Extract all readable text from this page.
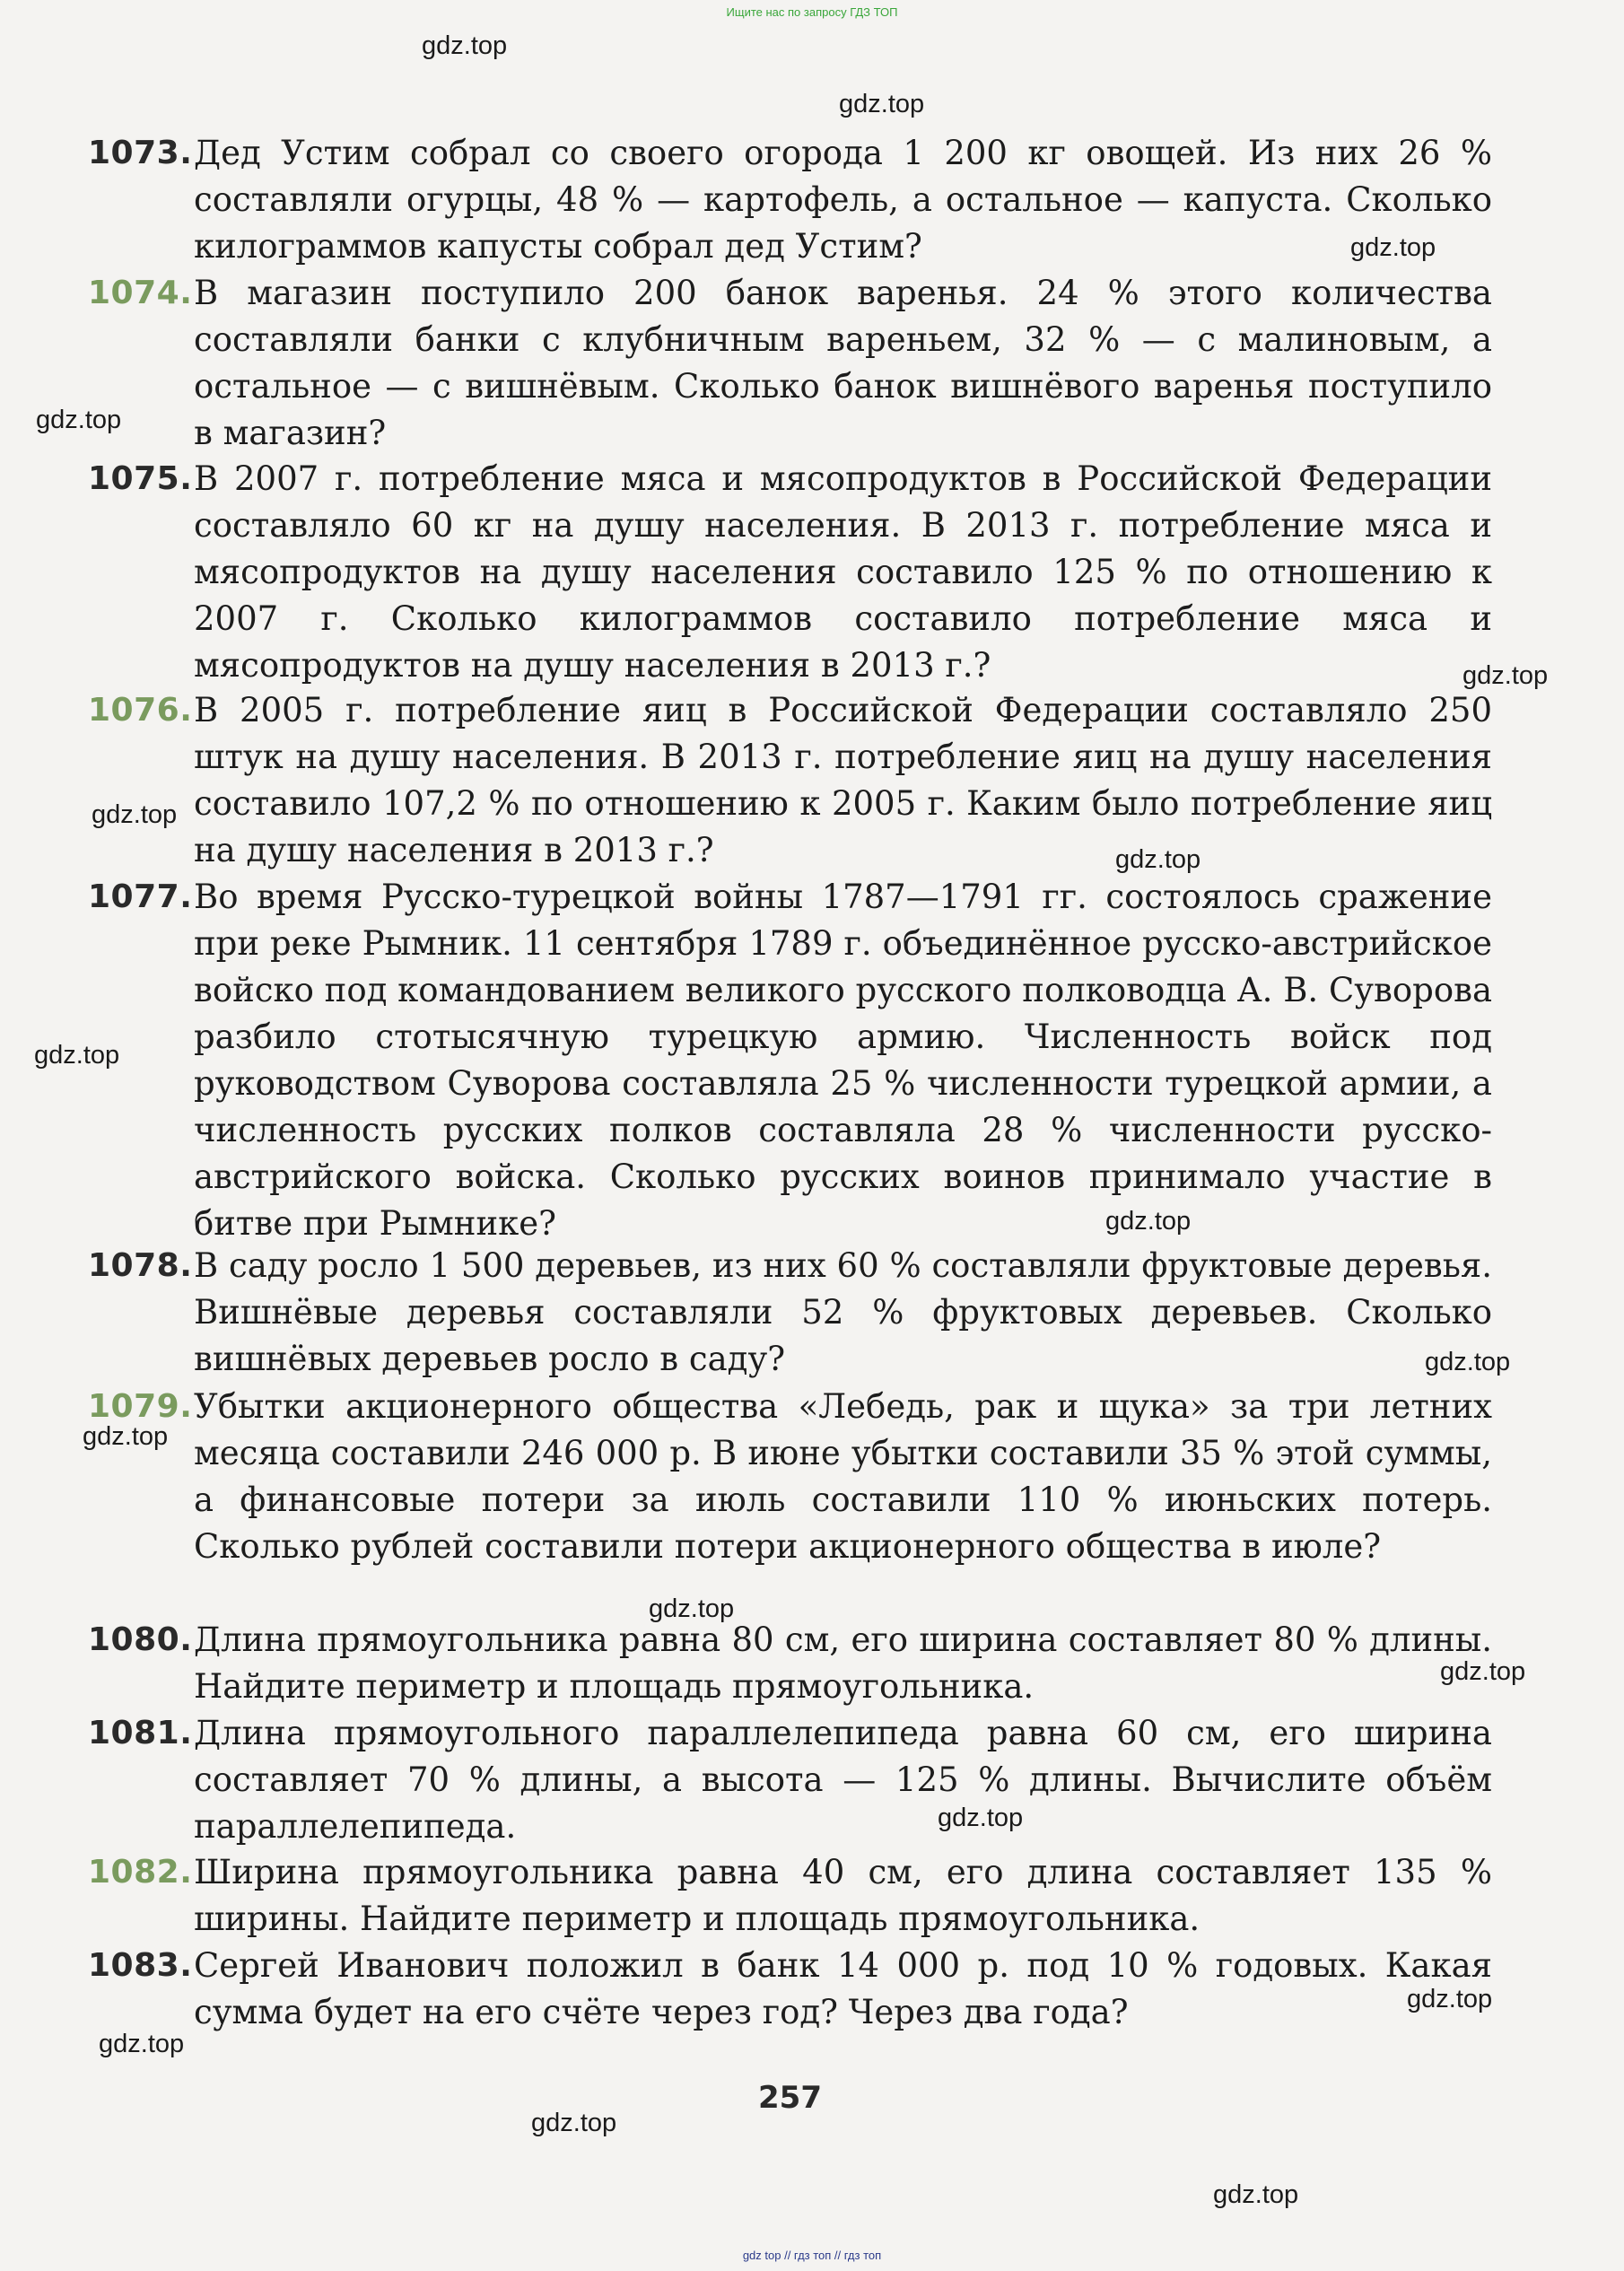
Ищите нас по запросу ГДЗ ТОП
1073. Дед Устим собрал со своего огорода 1 200 кг овощей. Из них 26 % составляли огурцы, 48 % — картофель, а остальное — капуста. Сколько килограммов капусты собрал дед Устим?
1074. В магазин поступило 200 банок варенья. 24 % этого количества составляли банки с клубничным вареньем, 32 % — с малиновым, а остальное — с вишнёвым. Сколько банок вишнёвого варенья поступило в магазин?
1075. В 2007 г. потребление мяса и мясопродуктов в Российской Федерации составляло 60 кг на душу населения. В 2013 г. потребление мяса и мясопродуктов на душу населения составило 125 % по отношению к 2007 г. Сколько килограммов составило потребление мяса и мясопродуктов на душу населения в 2013 г.?
1076. В 2005 г. потребление яиц в Российской Федерации составляло 250 штук на душу населения. В 2013 г. потребление яиц на душу населения составило 107,2 % по отношению к 2005 г. Каким было потребление яиц на душу населения в 2013 г.?
1077. Во время Русско-турецкой войны 1787—1791 гг. состоялось сражение при реке Рымник. 11 сентября 1789 г. объединённое русско-австрийское войско под командованием великого русского полководца А. В. Суворова разбило стотысячную турецкую армию. Численность войск под руководством Суворова составляла 25 % численности турецкой армии, а численность русских полков составляла 28 % численности русско-австрийского войска. Сколько русских воинов принимало участие в битве при Рымнике?
1078. В саду росло 1 500 деревьев, из них 60 % составляли фруктовые деревья. Вишнёвые деревья составляли 52 % фруктовых деревьев. Сколько вишнёвых деревьев росло в саду?
1079. Убытки акционерного общества «Лебедь, рак и щука» за три летних месяца составили 246 000 р. В июне убытки составили 35 % этой суммы, а финансовые потери за июль составили 110 % июньских потерь. Сколько рублей составили потери акционерного общества в июле?
1080. Длина прямоугольника равна 80 см, его ширина составляет 80 % длины. Найдите периметр и площадь прямоугольника.
1081. Длина прямоугольного параллелепипеда равна 60 см, его ширина составляет 70 % длины, а высота — 125 % длины. Вычислите объём параллелепипеда.
1082. Ширина прямоугольника равна 40 см, его длина составляет 135 % ширины. Найдите периметр и площадь прямоугольника.
1083. Сергей Иванович положил в банк 14 000 р. под 10 % годовых. Какая сумма будет на его счёте через год? Через два года?
257
gdz.top
gdz.top
gdz.top
gdz.top
gdz.top
gdz.top
gdz.top
gdz.top
gdz.top
gdz.top
gdz.top
gdz.top
gdz.top
gdz.top
gdz.top
gdz.top
gdz.top
gdz.top
gdz top // гдз топ // гдз топ
